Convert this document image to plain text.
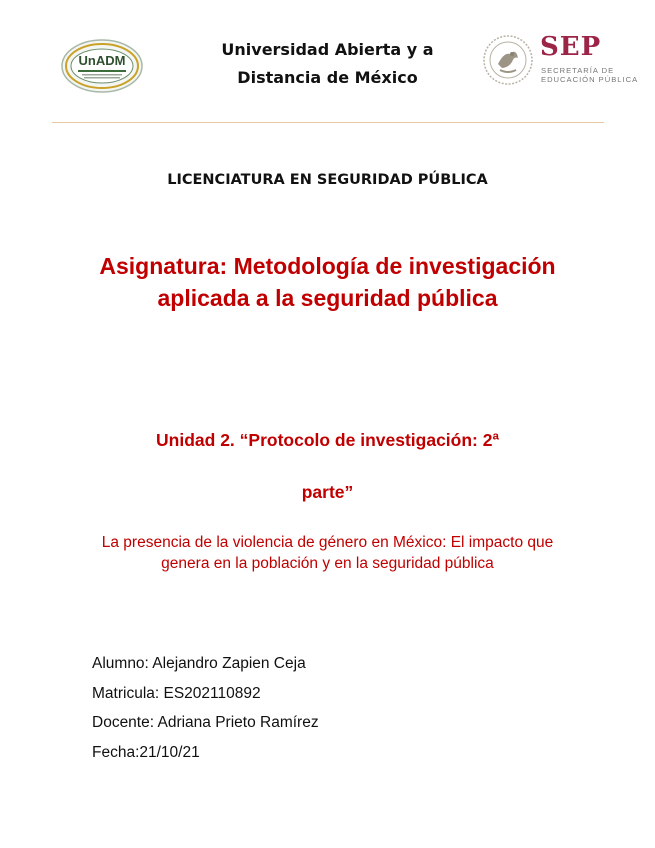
UnADM
Universidad Abierta y a
Distancia de México
SEP
SECRETARÍA DE
EDUCACIÓN PÚBLICA
LICENCIATURA EN SEGURIDAD PÚBLICA
Asignatura: Metodología de investigación aplicada a la seguridad pública
Unidad 2. “Protocolo de investigación: 2ª
parte”
La presencia de la violencia de género en México: El impacto que genera en la población y en la seguridad pública
Alumno: Alejandro Zapien Ceja
Matricula: ES202110892
Docente: Adriana Prieto Ramírez
Fecha:21/10/21
